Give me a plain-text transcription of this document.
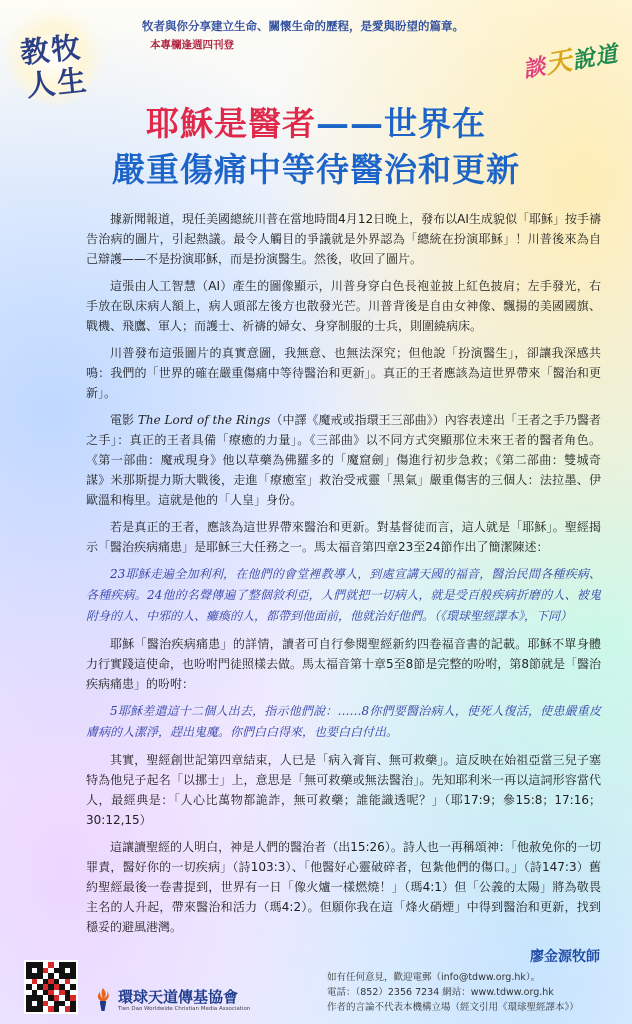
教牧
人生
牧者與你分享建立生命、關懷生命的歷程，是愛與盼望的篇章。
本專欄逢週四刊登
談天說道
耶穌是醫者——世界在
嚴重傷痛中等待醫治和更新

據新聞報道，現任美國總統川普在當地時間4月12日晚上，發布以AI生成貌似「耶穌」按手禱告治病的圖片，引起熱議。最令人觸目的爭議就是外界認為「總統在扮演耶穌」！川普後來為自己辯護——不是扮演耶穌，而是扮演醫生。然後，收回了圖片。

這張由人工智慧（AI）產生的圖像顯示，川普身穿白色長袍並披上紅色披肩；左手發光，右手放在臥床病人額上，病人頭部左後方也散發光芒。川普背後是自由女神像、飄揚的美國國旗、戰機、飛鷹、軍人；而護士、祈禱的婦女、身穿制服的士兵，則圍繞病床。

川普發布這張圖片的真實意圖，我無意、也無法深究；但他說「扮演醫生」，卻讓我深感共鳴：我們的「世界的確在嚴重傷痛中等待醫治和更新」。真正的王者應該為這世界帶來「醫治和更新」。

電影 The Lord of the Rings（中譯《魔戒或指環王三部曲》）內容表達出「王者之手乃醫者之手」：真正的王者具備「療癒的力量」。《三部曲》以不同方式突顯那位未來王者的醫者角色。《第一部曲：魔戒現身》他以草藥為佛羅多的「魔窟劍」傷進行初步急救；《第二部曲：雙城奇謀》米那斯提力斯大戰後，走進「療癒室」救治受戒靈「黑氣」嚴重傷害的三個人：法拉墨、伊歐溫和梅里。這就是他的「人皇」身份。

若是真正的王者，應該為這世界帶來醫治和更新。對基督徒而言，這人就是「耶穌」。聖經揭示「醫治疾病痛患」是耶穌三大任務之一。馬太福音第四章23至24節作出了簡潔陳述：

23耶穌走遍全加利利，在他們的會堂裡教導人，到處宣講天國的福音，醫治民間各種疾病、各種疾病。24他的名聲傳遍了整個敘利亞，人們就把一切病人，就是受百般疾病折磨的人、被鬼附身的人、中邪的人、癱瘓的人，都帶到他面前，他就治好他們。（《環球聖經譯本》，下同）

耶穌「醫治疾病痛患」的詳情，讀者可自行參閱聖經新約四卷福音書的記載。耶穌不單身體力行實踐這使命，也吩咐門徒照樣去做。馬太福音第十章5至8節是完整的吩咐，第8節就是「醫治疾病痛患」的吩咐：

5耶穌差遣這十二個人出去，指示他們說：……8你們要醫治病人，使死人復活，使患嚴重皮膚病的人潔淨，趕出鬼魔。你們白白得來，也要白白付出。

其實，聖經創世記第四章結束，人已是「病入膏肓、無可救藥」。這反映在始祖亞當三兒子塞特為他兒子起名「以挪士」上，意思是「無可救藥或無法醫治」。先知耶利米一再以這詞形容當代人，最經典是：「人心比萬物都詭詐，無可救藥；誰能識透呢？」（耶17:9；參15:8；17:16；30:12,15）

這讓讀聖經的人明白，神是人們的醫治者（出15:26）。詩人也一再稱頌神：「他赦免你的一切罪責，醫好你的一切疾病」（詩103:3）、「他醫好心靈破碎者，包紮他們的傷口。」（詩147:3）舊約聖經最後一卷書提到，世界有一日「像火爐一樣燃燒！」（瑪4:1）但「公義的太陽」將為敬畏主名的人升起，帶來醫治和活力（瑪4:2）。但願你我在這「烽火硝煙」中得到醫治和更新，找到穩妥的避風港灣。

廖金源牧師
環球天道傳基協會
Tien Dao Worldwide Christian Media Association
如有任何意見，歡迎電郵（info@tdww.org.hk）。
電話：（852）2356 7234 網站：www.tdww.org.hk
作者的言論不代表本機構立場（經文引用《環球聖經譯本》）
